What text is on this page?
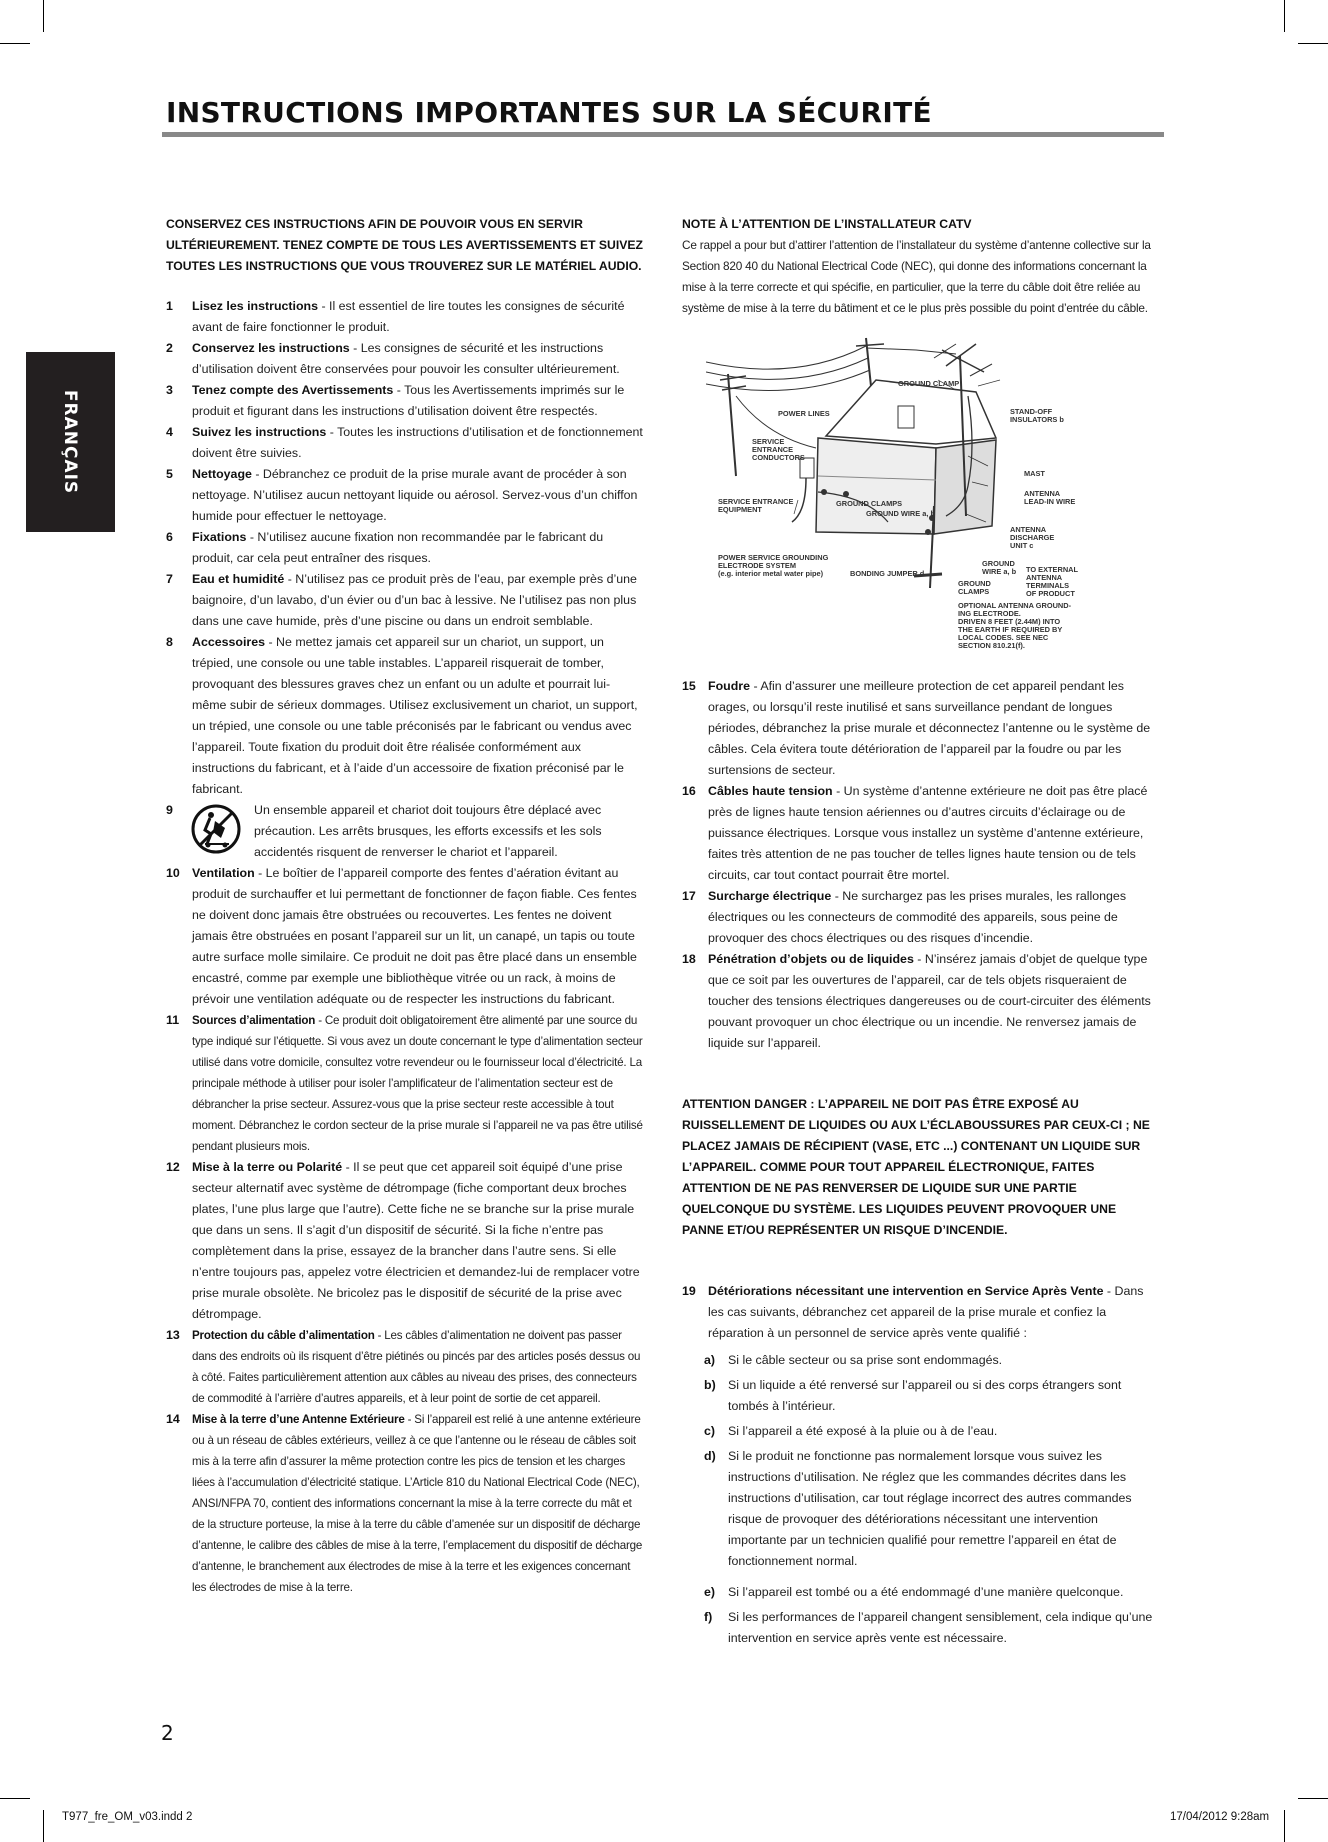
INSTRUCTIONS IMPORTANTES SUR LA SÉCURITÉ
FRANÇAIS

CONSERVEZ CES INSTRUCTIONS AFIN DE POUVOIR VOUS EN SERVIR ULTÉRIEUREMENT. TENEZ COMPTE DE TOUS LES AVERTISSEMENTS ET SUIVEZ TOUTES LES INSTRUCTIONS QUE VOUS TROUVEREZ SUR LE MATÉRIEL AUDIO.

1 Lisez les instructions - Il est essentiel de lire toutes les consignes de sécurité avant de faire fonctionner le produit.
2 Conservez les instructions - Les consignes de sécurité et les instructions d’utilisation doivent être conservées pour pouvoir les consulter ultérieurement.
3 Tenez compte des Avertissements - Tous les Avertissements imprimés sur le produit et figurant dans les instructions d’utilisation doivent être respectés.
4 Suivez les instructions - Toutes les instructions d’utilisation et de fonctionnement doivent être suivies.
5 Nettoyage - Débranchez ce produit de la prise murale avant de procéder à son nettoyage. N’utilisez aucun nettoyant liquide ou aérosol. Servez-vous d’un chiffon humide pour effectuer le nettoyage.
6 Fixations - N’utilisez aucune fixation non recommandée par le fabricant du produit, car cela peut entraîner des risques.
7 Eau et humidité - N’utilisez pas ce produit près de l’eau, par exemple près d’une baignoire, d’un lavabo, d’un évier ou d’un bac à lessive. Ne l’utilisez pas non plus dans une cave humide, près d’une piscine ou dans un endroit semblable.
8 Accessoires - Ne mettez jamais cet appareil sur un chariot, un support, un trépied, une console ou une table instables. L’appareil risquerait de tomber, provoquant des blessures graves chez un enfant ou un adulte et pourrait lui-même subir de sérieux dommages. Utilisez exclusivement un chariot, un support, un trépied, une console ou une table préconisés par le fabricant ou vendus avec l’appareil. Toute fixation du produit doit être réalisée conformément aux instructions du fabricant, et à l’aide d’un accessoire de fixation préconisé par le fabricant.
9	Un ensemble appareil et chariot doit toujours être déplacé avec précaution. Les arrêts brusques, les efforts excessifs et les sols accidentés risquent de renverser le chariot et l’appareil.
10 Ventilation - Le boîtier de l’appareil comporte des fentes d’aération évitant au produit de surchauffer et lui permettant de fonctionner de façon fiable. Ces fentes ne doivent donc jamais être obstruées ou recouvertes. Les fentes ne doivent jamais être obstruées en posant l’appareil sur un lit, un canapé, un tapis ou toute autre surface molle similaire. Ce produit ne doit pas être placé dans un ensemble encastré, comme par exemple une bibliothèque vitrée ou un rack, à moins de prévoir une ventilation adéquate ou de respecter les instructions du fabricant.
11 Sources d’alimentation - Ce produit doit obligatoirement être alimenté par une source du type indiqué sur l’étiquette. Si vous avez un doute concernant le type d’alimentation secteur utilisé dans votre domicile, consultez votre revendeur ou le fournisseur local d’électricité. La principale méthode à utiliser pour isoler l’amplificateur de l’alimentation secteur est de débrancher la prise secteur. Assurez-vous que la prise secteur reste accessible à tout moment. Débranchez le cordon secteur de la prise murale si l’appareil ne va pas être utilisé pendant plusieurs mois.
12 Mise à la terre ou Polarité - Il se peut que cet appareil soit équipé d’une prise secteur alternatif avec système de détrompage (fiche comportant deux broches plates, l’une plus large que l’autre). Cette fiche ne se branche sur la prise murale que dans un sens. Il s’agit d’un dispositif de sécurité. Si la fiche n’entre pas complètement dans la prise, essayez de la brancher dans l’autre sens. Si elle n’entre toujours pas, appelez votre électricien et demandez-lui de remplacer votre prise murale obsolète. Ne bricolez pas le dispositif de sécurité de la prise avec détrompage.
13 Protection du câble d’alimentation - Les câbles d’alimentation ne doivent pas passer dans des endroits où ils risquent d’être piétinés ou pincés par des articles posés dessus ou à côté. Faites particulièrement attention aux câbles au niveau des prises, des connecteurs de commodité à l’arrière d’autres appareils, et à leur point de sortie de cet appareil.
14 Mise à la terre d’une Antenne Extérieure - Si l’appareil est relié à une antenne extérieure ou à un réseau de câbles extérieurs, veillez à ce que l’antenne ou le réseau de câbles soit mis à la terre afin d’assurer la même protection contre les pics de tension et les charges liées à l’accumulation d’électricité statique. L’Article 810 du National Electrical Code (NEC), ANSI/NFPA 70, contient des informations concernant la mise à la terre correcte du mât et de la structure porteuse, la mise à la terre du câble d’amenée sur un dispositif de décharge d’antenne, le calibre des câbles de mise à la terre, l’emplacement du dispositif de décharge d’antenne, le branchement aux électrodes de mise à la terre et les exigences concernant les électrodes de mise à la terre.

NOTE À L’ATTENTION DE L’INSTALLATEUR CATV

Ce rappel a pour but d’attirer l’attention de l’installateur du système d’antenne collective sur la Section 820 40 du National Electrical Code (NEC), qui donne des informations concernant la mise à la terre correcte et qui spécifie, en particulier, que la terre du câble doit être reliée au système de mise à la terre du bâtiment et ce le plus près possible du point d’entrée du câble.

GROUND CLAMP
POWER LINES	STAND-OFF
INSULATORS b
SERVICE
ENTRANCE
CONDUCTORS
MAST
ANTENNA
LEAD-IN WIRE
SERVICE ENTRANCE
EQUIPMENT
GROUND CLAMPS
GROUND WIRE a, b
ANTENNA
DISCHARGE
UNIT c
POWER SERVICE GROUNDING
ELECTRODE SYSTEM
(e.g. interior metal water pipe)	BONDING JUMPER d
GROUND
WIRE a, b
GROUND
CLAMPS
TO EXTERNAL
ANTENNA
TERMINALS
OF PRODUCT
OPTIONAL ANTENNA GROUND-
ING ELECTRODE.
DRIVEN 8 FEET (2.44M) INTO
THE EARTH IF REQUIRED BY
LOCAL CODES. SEE NEC
SECTION 810.21(f).
15 Foudre - Afin d’assurer une meilleure protection de cet appareil pendant les orages, ou lorsqu’il reste inutilisé et sans surveillance pendant de longues périodes, débranchez la prise murale et déconnectez l’antenne ou le système de câbles. Cela évitera toute détérioration de l’appareil par la foudre ou par les surtensions de secteur.
16 Câbles haute tension - Un système d’antenne extérieure ne doit pas être placé près de lignes haute tension aériennes ou d’autres circuits d’éclairage ou de puissance électriques. Lorsque vous installez un système d’antenne extérieure, faites très attention de ne pas toucher de telles lignes haute tension ou de tels circuits, car tout contact pourrait être mortel.
17 Surcharge électrique - Ne surchargez pas les prises murales, les rallonges électriques ou les connecteurs de commodité des appareils, sous peine de provoquer des chocs électriques ou des risques d’incendie.
18 Pénétration d’objets ou de liquides - N’insérez jamais d’objet de quelque type que ce soit par les ouvertures de l’appareil, car de tels objets risqueraient de toucher des tensions électriques dangereuses ou de court-circuiter des éléments pouvant provoquer un choc électrique ou un incendie. Ne renversez jamais de liquide sur l’appareil.

ATTENTION DANGER : L’APPAREIL NE DOIT PAS ÊTRE EXPOSÉ AU RUISSELLEMENT DE LIQUIDES OU AUX L’ÉCLABOUSSURES PAR CEUX-CI ; NE PLACEZ JAMAIS DE RÉCIPIENT (VASE, ETC ...) CONTENANT UN LIQUIDE SUR L’APPAREIL. COMME POUR TOUT APPAREIL ÉLECTRONIQUE, FAITES ATTENTION DE NE PAS RENVERSER DE LIQUIDE SUR UNE PARTIE QUELCONQUE DU SYSTÈME. LES LIQUIDES PEUVENT PROVOQUER UNE PANNE ET/OU REPRÉSENTER UN RISQUE D’INCENDIE.

19 Détériorations nécessitant une intervention en Service Après Vente - Dans les cas suivants, débranchez cet appareil de la prise murale et confiez la réparation à un personnel de service après vente qualifié :
a) Si le câble secteur ou sa prise sont endommagés.
b) Si un liquide a été renversé sur l’appareil ou si des corps étrangers sont tombés à l’intérieur.
c) Si l’appareil a été exposé à la pluie ou à de l’eau.
d) Si le produit ne fonctionne pas normalement lorsque vous suivez les instructions d’utilisation. Ne réglez que les commandes décrites dans les instructions d’utilisation, car tout réglage incorrect des autres commandes risque de provoquer des détériorations nécessitant une intervention importante par un technicien qualifié pour remettre l’appareil en état de fonctionnement normal.
e) Si l’appareil est tombé ou a été endommagé d’une manière quelconque.
f) Si les performances de l’appareil changent sensiblement, cela indique qu’une intervention en service après vente est nécessaire.
2
T977_fre_OM_v03.indd 2	17/04/2012 9:28am
